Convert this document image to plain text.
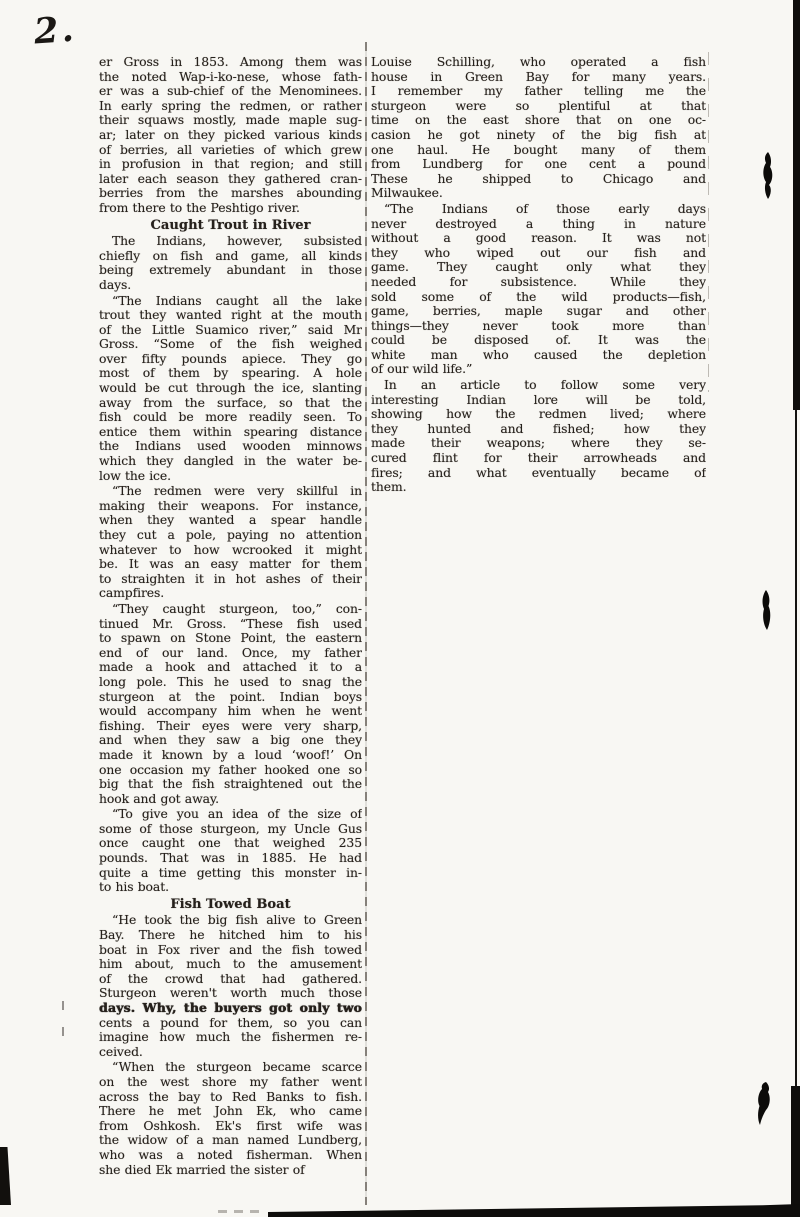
2.
er Gross in 1853. Among them was
the noted Wap-i-ko-nese, whose fath-
er was a sub-chief of the Menominees.
In early spring the redmen, or rather
their squaws mostly, made maple sug-
ar; later on they picked various kinds
of berries, all varieties of which grew
in profusion in that region; and still
later each season they gathered cran-
berries from the marshes abounding
from there to the Peshtigo river.
Caught Trout in River
The Indians, however, subsisted
chiefly on fish and game, all kinds
being extremely abundant in those
days.
“The Indians caught all the lake
trout they wanted right at the mouth
of the Little Suamico river,” said Mr
Gross. “Some of the fish weighed
over fifty pounds apiece. They go
most of them by spearing. A hole
would be cut through the ice, slanting
away from the surface, so that the
fish could be more readily seen. To
entice them within spearing distance
the Indians used wooden minnows
which they dangled in the water be-
low the ice.
“The redmen were very skillful in
making their weapons. For instance,
when they wanted a spear handle
they cut a pole, paying no attention
whatever to how wcrooked it might
be. It was an easy matter for them
to straighten it in hot ashes of their
campfires.
“They caught sturgeon, too,” con-
tinued Mr. Gross. “These fish used
to spawn on Stone Point, the eastern
end of our land. Once, my father
made a hook and attached it to a
long pole. This he used to snag the
sturgeon at the point. Indian boys
would accompany him when he went
fishing. Their eyes were very sharp,
and when they saw a big one they
made it known by a loud ‘woof!’ On
one occasion my father hooked one so
big that the fish straightened out the
hook and got away.
“To give you an idea of the size of
some of those sturgeon, my Uncle Gus
once caught one that weighed 235
pounds. That was in 1885. He had
quite a time getting this monster in-
to his boat.
Fish Towed Boat
“He took the big fish alive to Green
Bay. There he hitched him to his
boat in Fox river and the fish towed
him about, much to the amusement
of the crowd that had gathered.
Sturgeon weren't worth much those
days. Why, the buyers got only two
cents a pound for them, so you can
imagine how much the fishermen re-
ceived.
“When the sturgeon became scarce
on the west shore my father went
across the bay to Red Banks to fish.
There he met John Ek, who came
from Oshkosh. Ek's first wife was
the widow of a man named Lundberg,
who was a noted fisherman. When
she died Ek married the sister of
Louise Schilling, who operated a fish
house in Green Bay for many years.
I remember my father telling me the
sturgeon were so plentiful at that
time on the east shore that on one oc-
casion he got ninety of the big fish at
one haul. He bought many of them
from Lundberg for one cent a pound
These he shipped to Chicago and
Milwaukee.
“The Indians of those early days
never destroyed a thing in nature
without a good reason. It was not
they who wiped out our fish and
game. They caught only what they
needed for subsistence. While they
sold some of the wild products—fish,
game, berries, maple sugar and other
things—they never took more than
could be disposed of. It was the
white man who caused the depletion
of our wild life.”
In an article to follow some very
interesting Indian lore will be told,
showing how the redmen lived; where
they hunted and fished; how they
made their weapons; where they se-
cured flint for their arrowheads and
fires; and what eventually became of
them.
